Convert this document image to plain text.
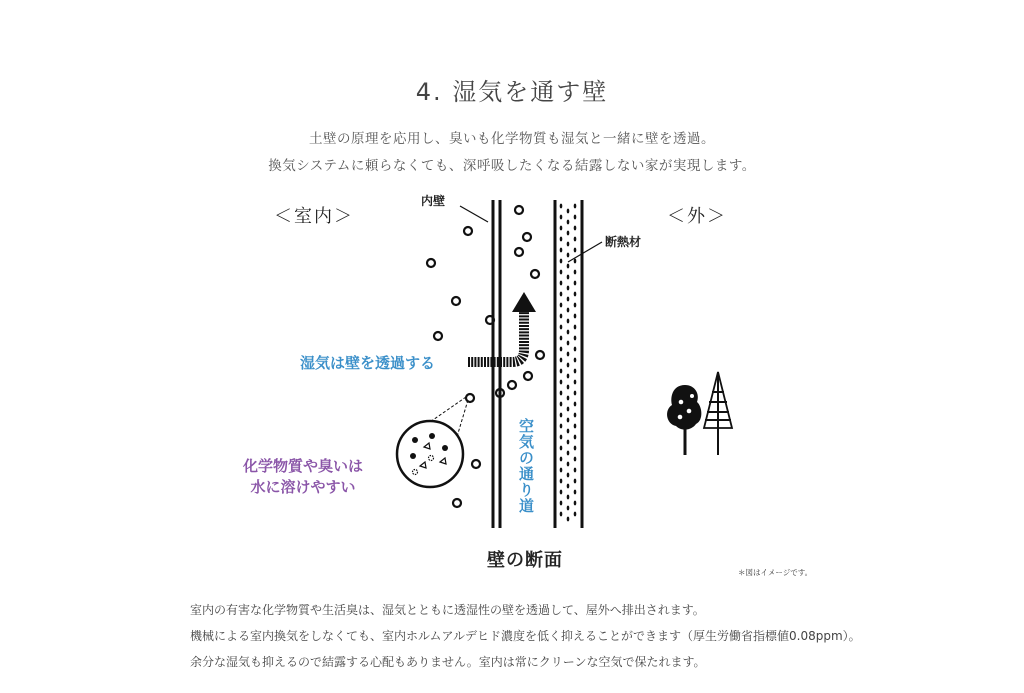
4. 湿気を通す壁
土壁の原理を応用し、臭いも化学物質も湿気と一緒に壁を透過。
換気システムに頼らなくても、深呼吸したくなる結露しない家が実現します。
＜室内＞	＜外＞
内壁
断熱材
湿気は壁を透過する
化学物質や臭いは
水に溶けやすい	空気の通り道
壁の断面
＊図はイメージです。
室内の有害な化学物質や生活臭は、湿気とともに透湿性の壁を透過して、屋外へ排出されます。
機械による室内換気をしなくても、室内ホルムアルデヒド濃度を低く抑えることができます（厚生労働省指標値0.08ppm）。
余分な湿気も抑えるので結露する心配もありません。室内は常にクリーンな空気で保たれます。
